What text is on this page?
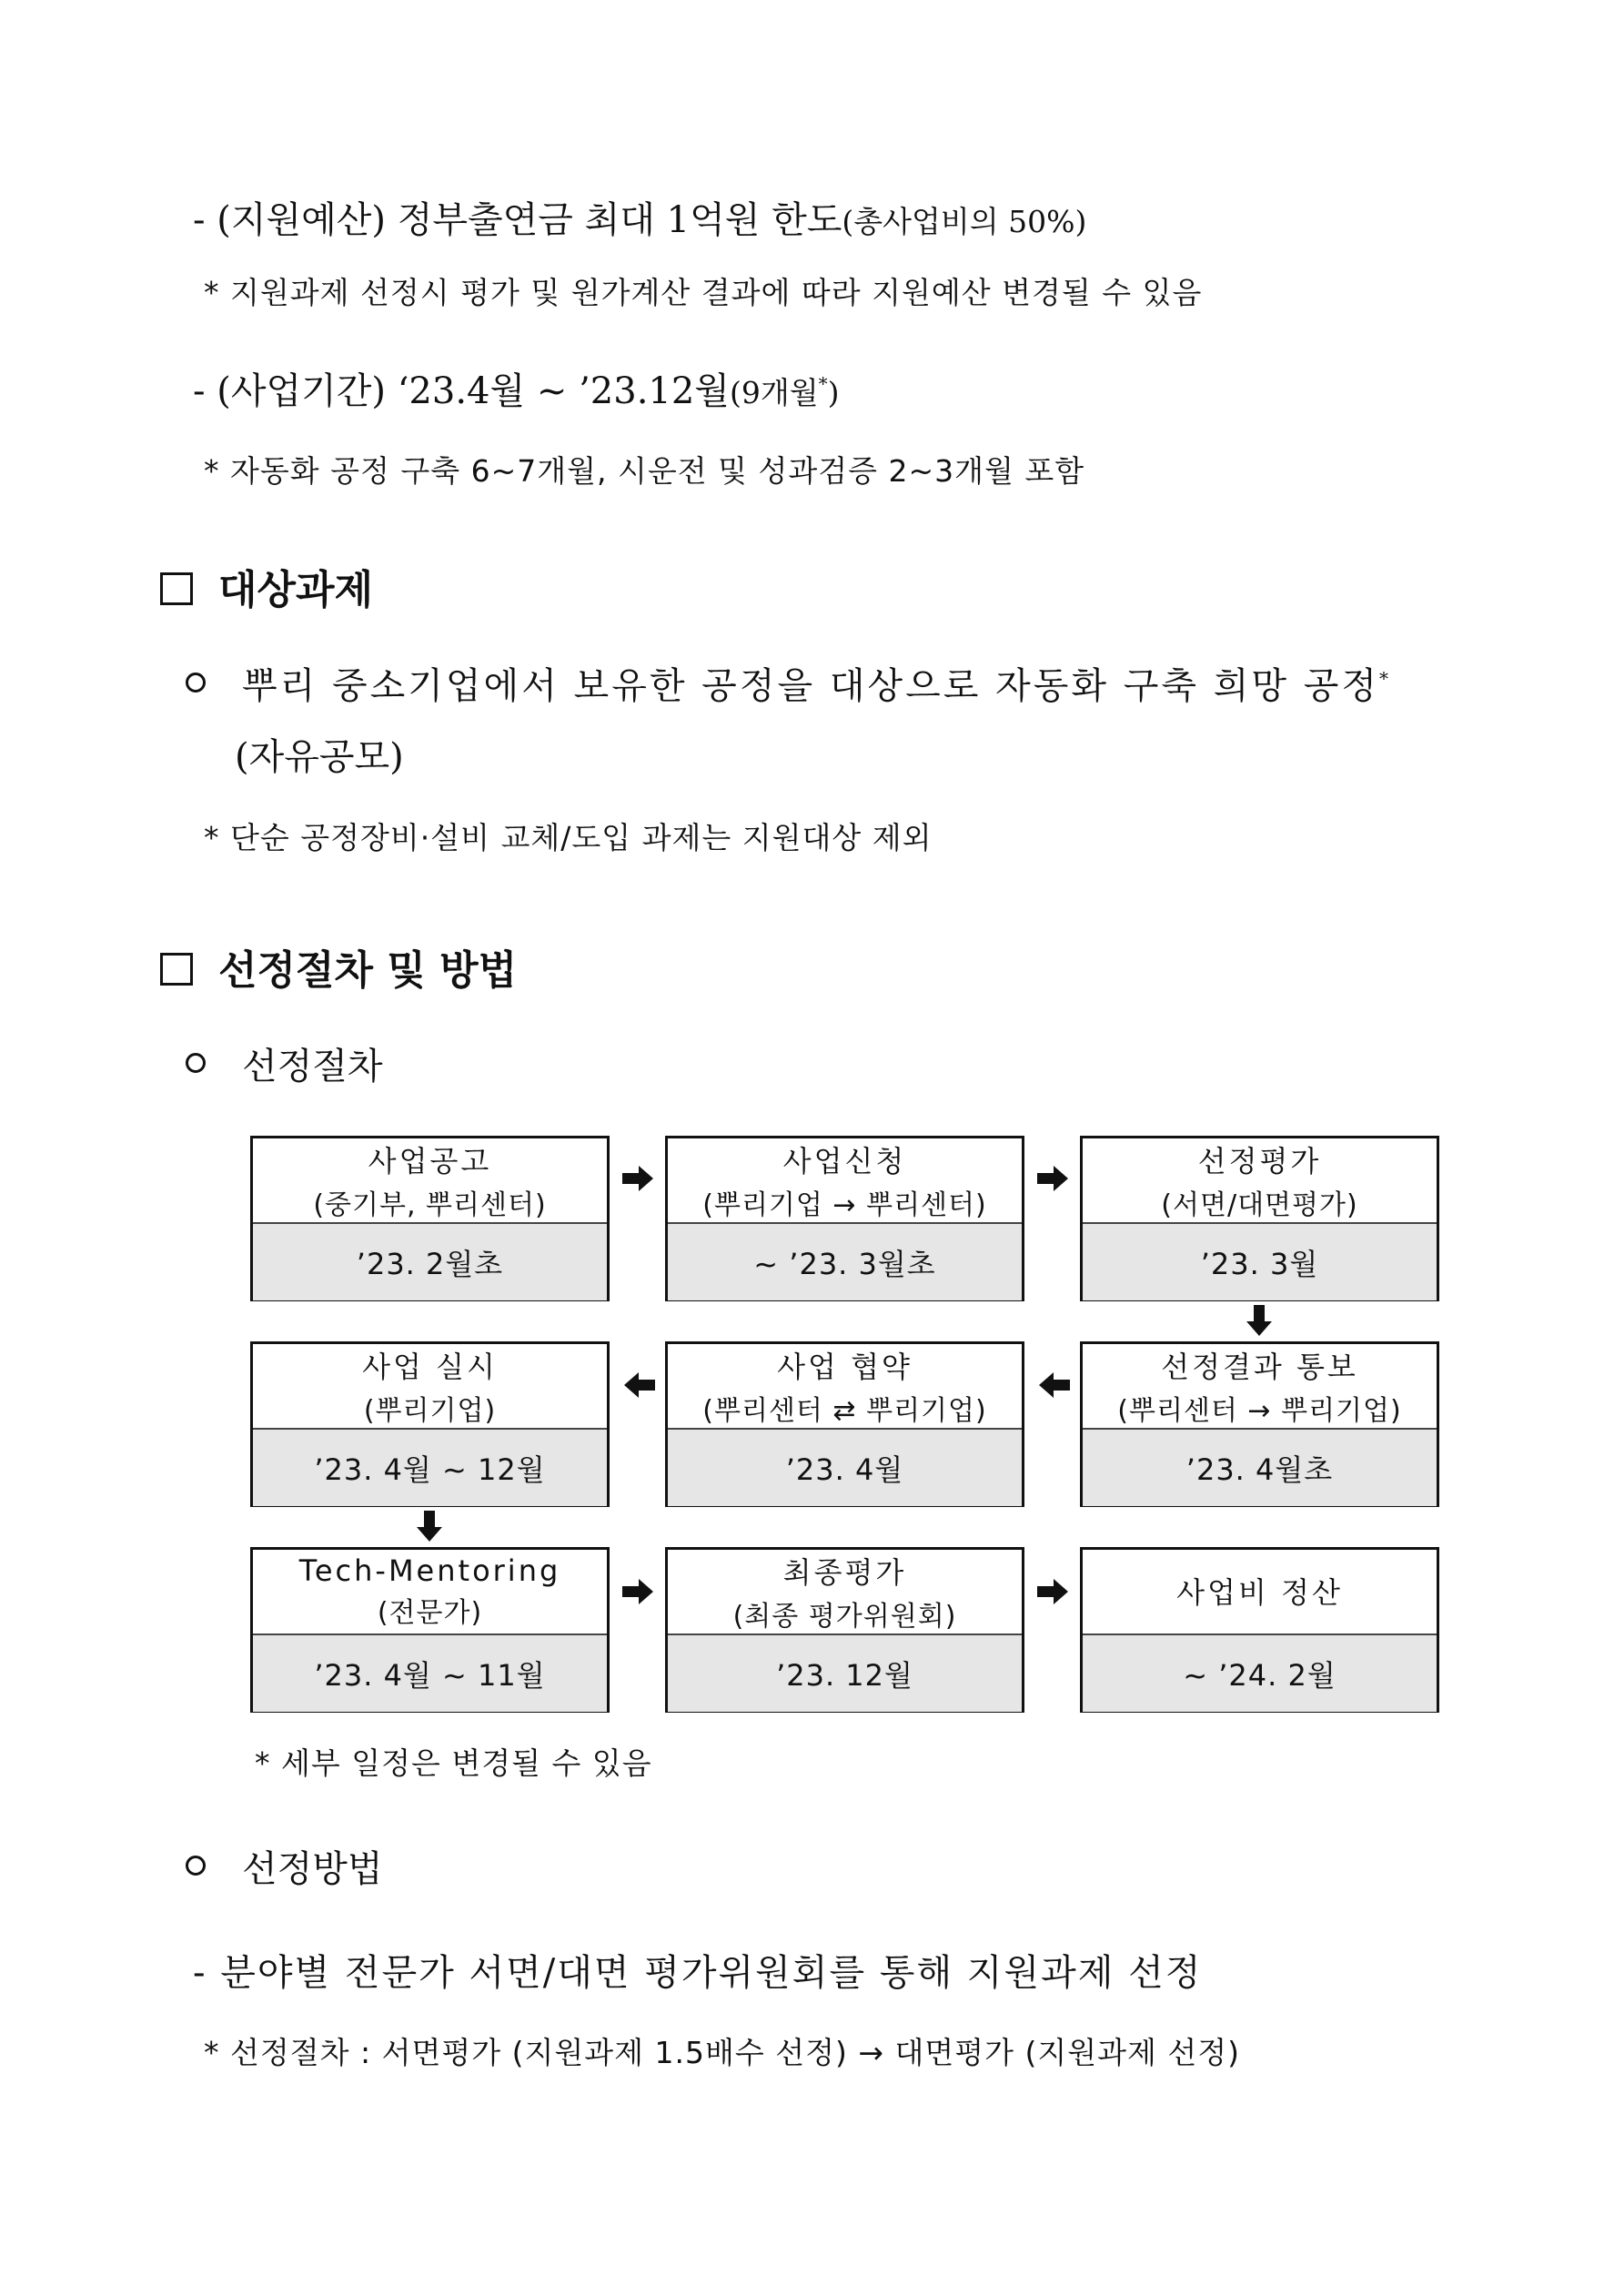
- (지원예산) 정부출연금 최대 1억원 한도(총사업비의 50%)
* 지원과제 선정시 평가 및 원가계산 결과에 따라 지원예산 변경될 수 있음
- (사업기간) ‘23.4월 ~ ’23.12월(9개월*)
* 자동화 공정 구축 6~7개월, 시운전 및 성과검증 2~3개월 포함
대상과제
뿌리 중소기업에서 보유한 공정을 대상으로 자동화 구축 희망 공정*
(자유공모)
* 단순 공정장비·설비 교체/도입 과제는 지원대상 제외
선정절차 및 방법
선정절차
사업공고
(중기부, 뿌리센터)
’23. 2월초
사업신청
(뿌리기업 → 뿌리센터)
~ ’23. 3월초
선정평가
(서면/대면평가)
’23. 3월
사업 실시
(뿌리기업)
’23. 4월 ~ 12월
사업 협약
(뿌리센터 ⇄ 뿌리기업)
’23. 4월
선정결과 통보
(뿌리센터 → 뿌리기업)
’23. 4월초
Tech-Mentoring
(전문가)
’23. 4월 ~ 11월
최종평가
(최종 평가위원회)
’23. 12월
사업비 정산
~ ’24. 2월
* 세부 일정은 변경될 수 있음
선정방법
- 분야별 전문가 서면/대면 평가위원회를 통해 지원과제 선정
* 선정절차 : 서면평가 (지원과제 1.5배수 선정) → 대면평가 (지원과제 선정)
